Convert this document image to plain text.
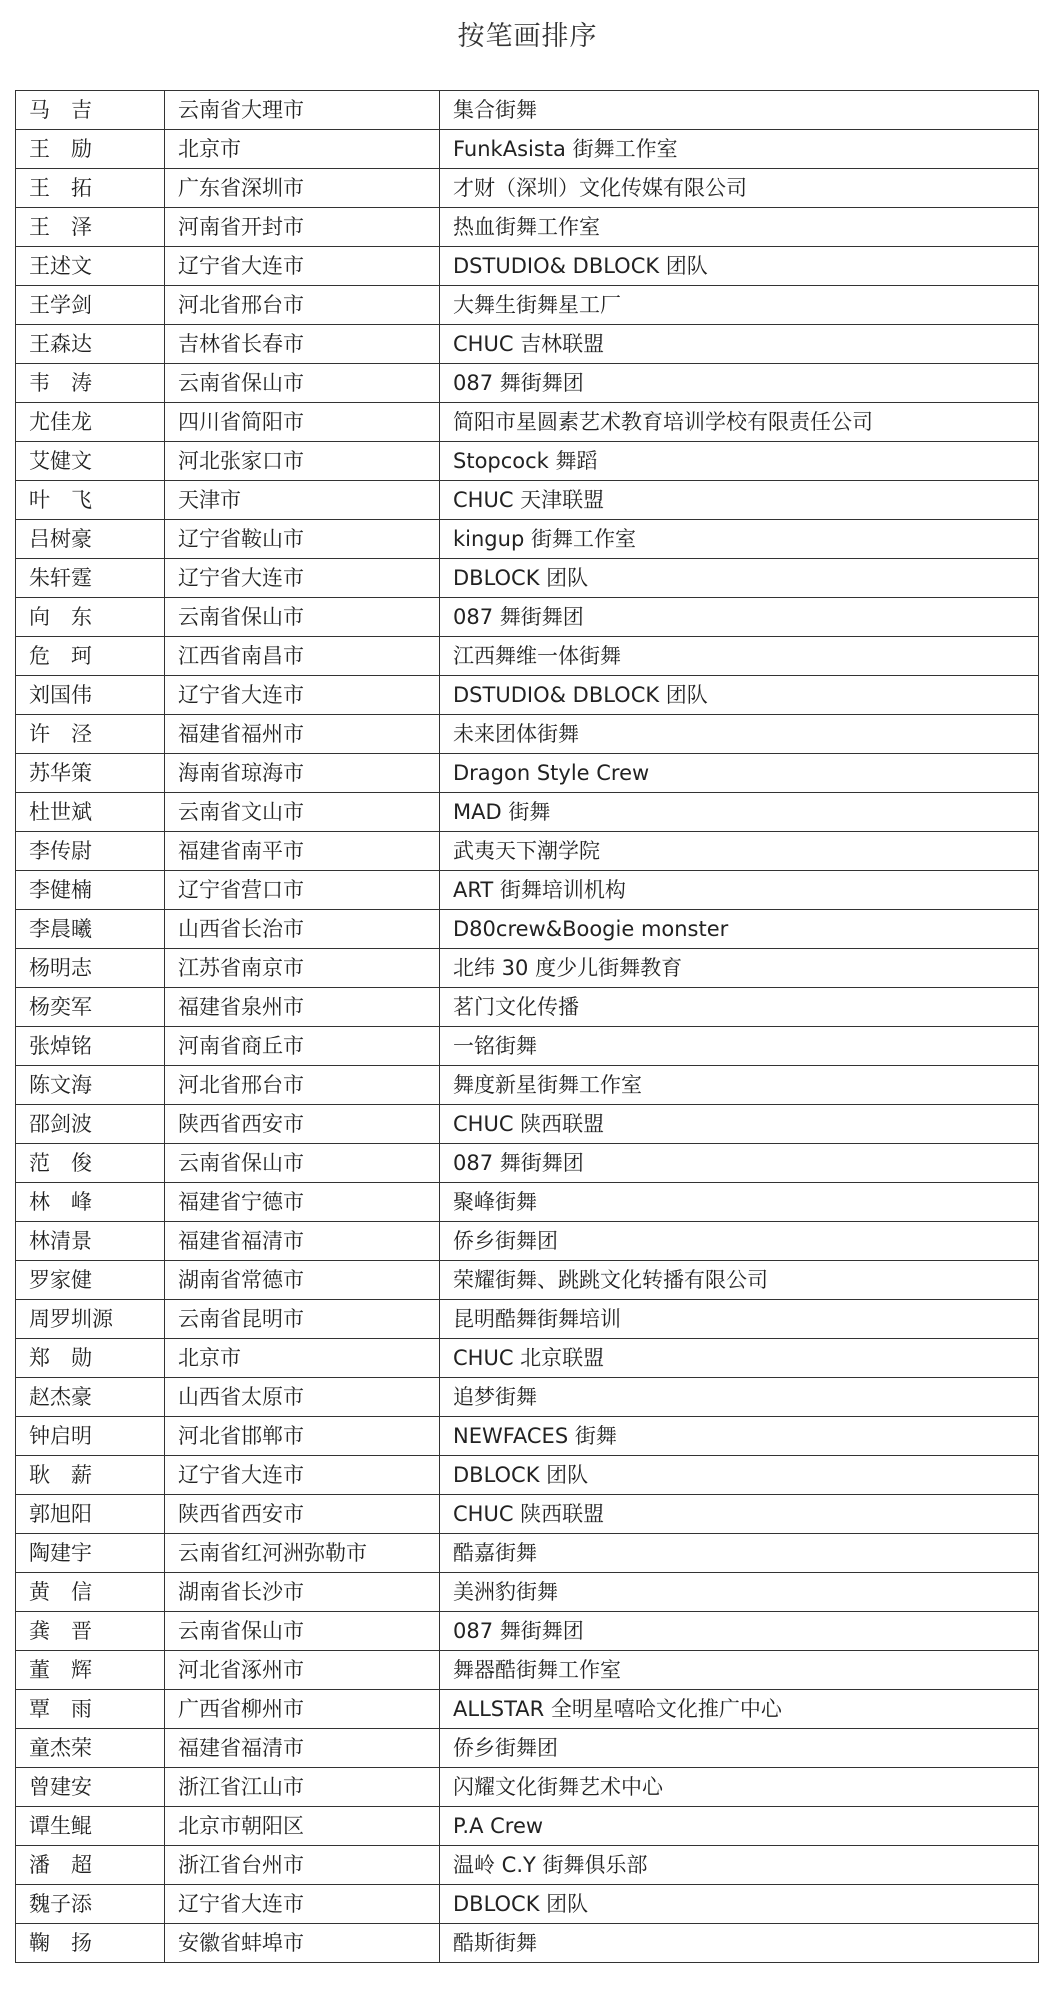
按笔画排序
马　吉	云南省大理市	集合街舞
王　励	北京市	FunkAsista 街舞工作室
王　拓	广东省深圳市	才财（深圳）文化传媒有限公司
王　泽	河南省开封市	热血街舞工作室
王述文	辽宁省大连市	DSTUDIO& DBLOCK 团队
王学剑	河北省邢台市	大舞生街舞星工厂
王森达	吉林省长春市	CHUC 吉林联盟
韦　涛	云南省保山市	087 舞街舞团
尤佳龙	四川省简阳市	简阳市星圆素艺术教育培训学校有限责任公司
艾健文	河北张家口市	Stopcock 舞蹈
叶　飞	天津市	CHUC 天津联盟
吕树豪	辽宁省鞍山市	kingup 街舞工作室
朱轩霆	辽宁省大连市	DBLOCK 团队
向　东	云南省保山市	087 舞街舞团
危　珂	江西省南昌市	江西舞维一体街舞
刘国伟	辽宁省大连市	DSTUDIO& DBLOCK 团队
许　泾	福建省福州市	未来团体街舞
苏华策	海南省琼海市	Dragon Style Crew
杜世斌	云南省文山市	MAD 街舞
李传尉	福建省南平市	武夷天下潮学院
李健楠	辽宁省营口市	ART 街舞培训机构
李晨曦	山西省长治市	D80crew&Boogie monster
杨明志	江苏省南京市	北纬 30 度少儿街舞教育
杨奕军	福建省泉州市	茗门文化传播
张焯铭	河南省商丘市	一铭街舞
陈文海	河北省邢台市	舞度新星街舞工作室
邵剑波	陕西省西安市	CHUC 陕西联盟
范　俊	云南省保山市	087 舞街舞团
林　峰	福建省宁德市	聚峰街舞
林清景	福建省福清市	侨乡街舞团
罗家健	湖南省常德市	荣耀街舞、跳跳文化转播有限公司
周罗圳源	云南省昆明市	昆明酷舞街舞培训
郑　勋	北京市	CHUC 北京联盟
赵杰豪	山西省太原市	追梦街舞
钟启明	河北省邯郸市	NEWFACES 街舞
耿　薪	辽宁省大连市	DBLOCK 团队
郭旭阳	陕西省西安市	CHUC 陕西联盟
陶建宇	云南省红河洲弥勒市	酷嘉街舞
黄　信	湖南省长沙市	美洲豹街舞
龚　晋	云南省保山市	087 舞街舞团
董　辉	河北省涿州市	舞器酷街舞工作室
覃　雨	广西省柳州市	ALLSTAR 全明星嘻哈文化推广中心
童杰荣	福建省福清市	侨乡街舞团
曾建安	浙江省江山市	闪耀文化街舞艺术中心
谭生鲲	北京市朝阳区	P.A Crew
潘　超	浙江省台州市	温岭 C.Y 街舞俱乐部
魏子添	辽宁省大连市	DBLOCK 团队
鞠　扬	安徽省蚌埠市	酷斯街舞
